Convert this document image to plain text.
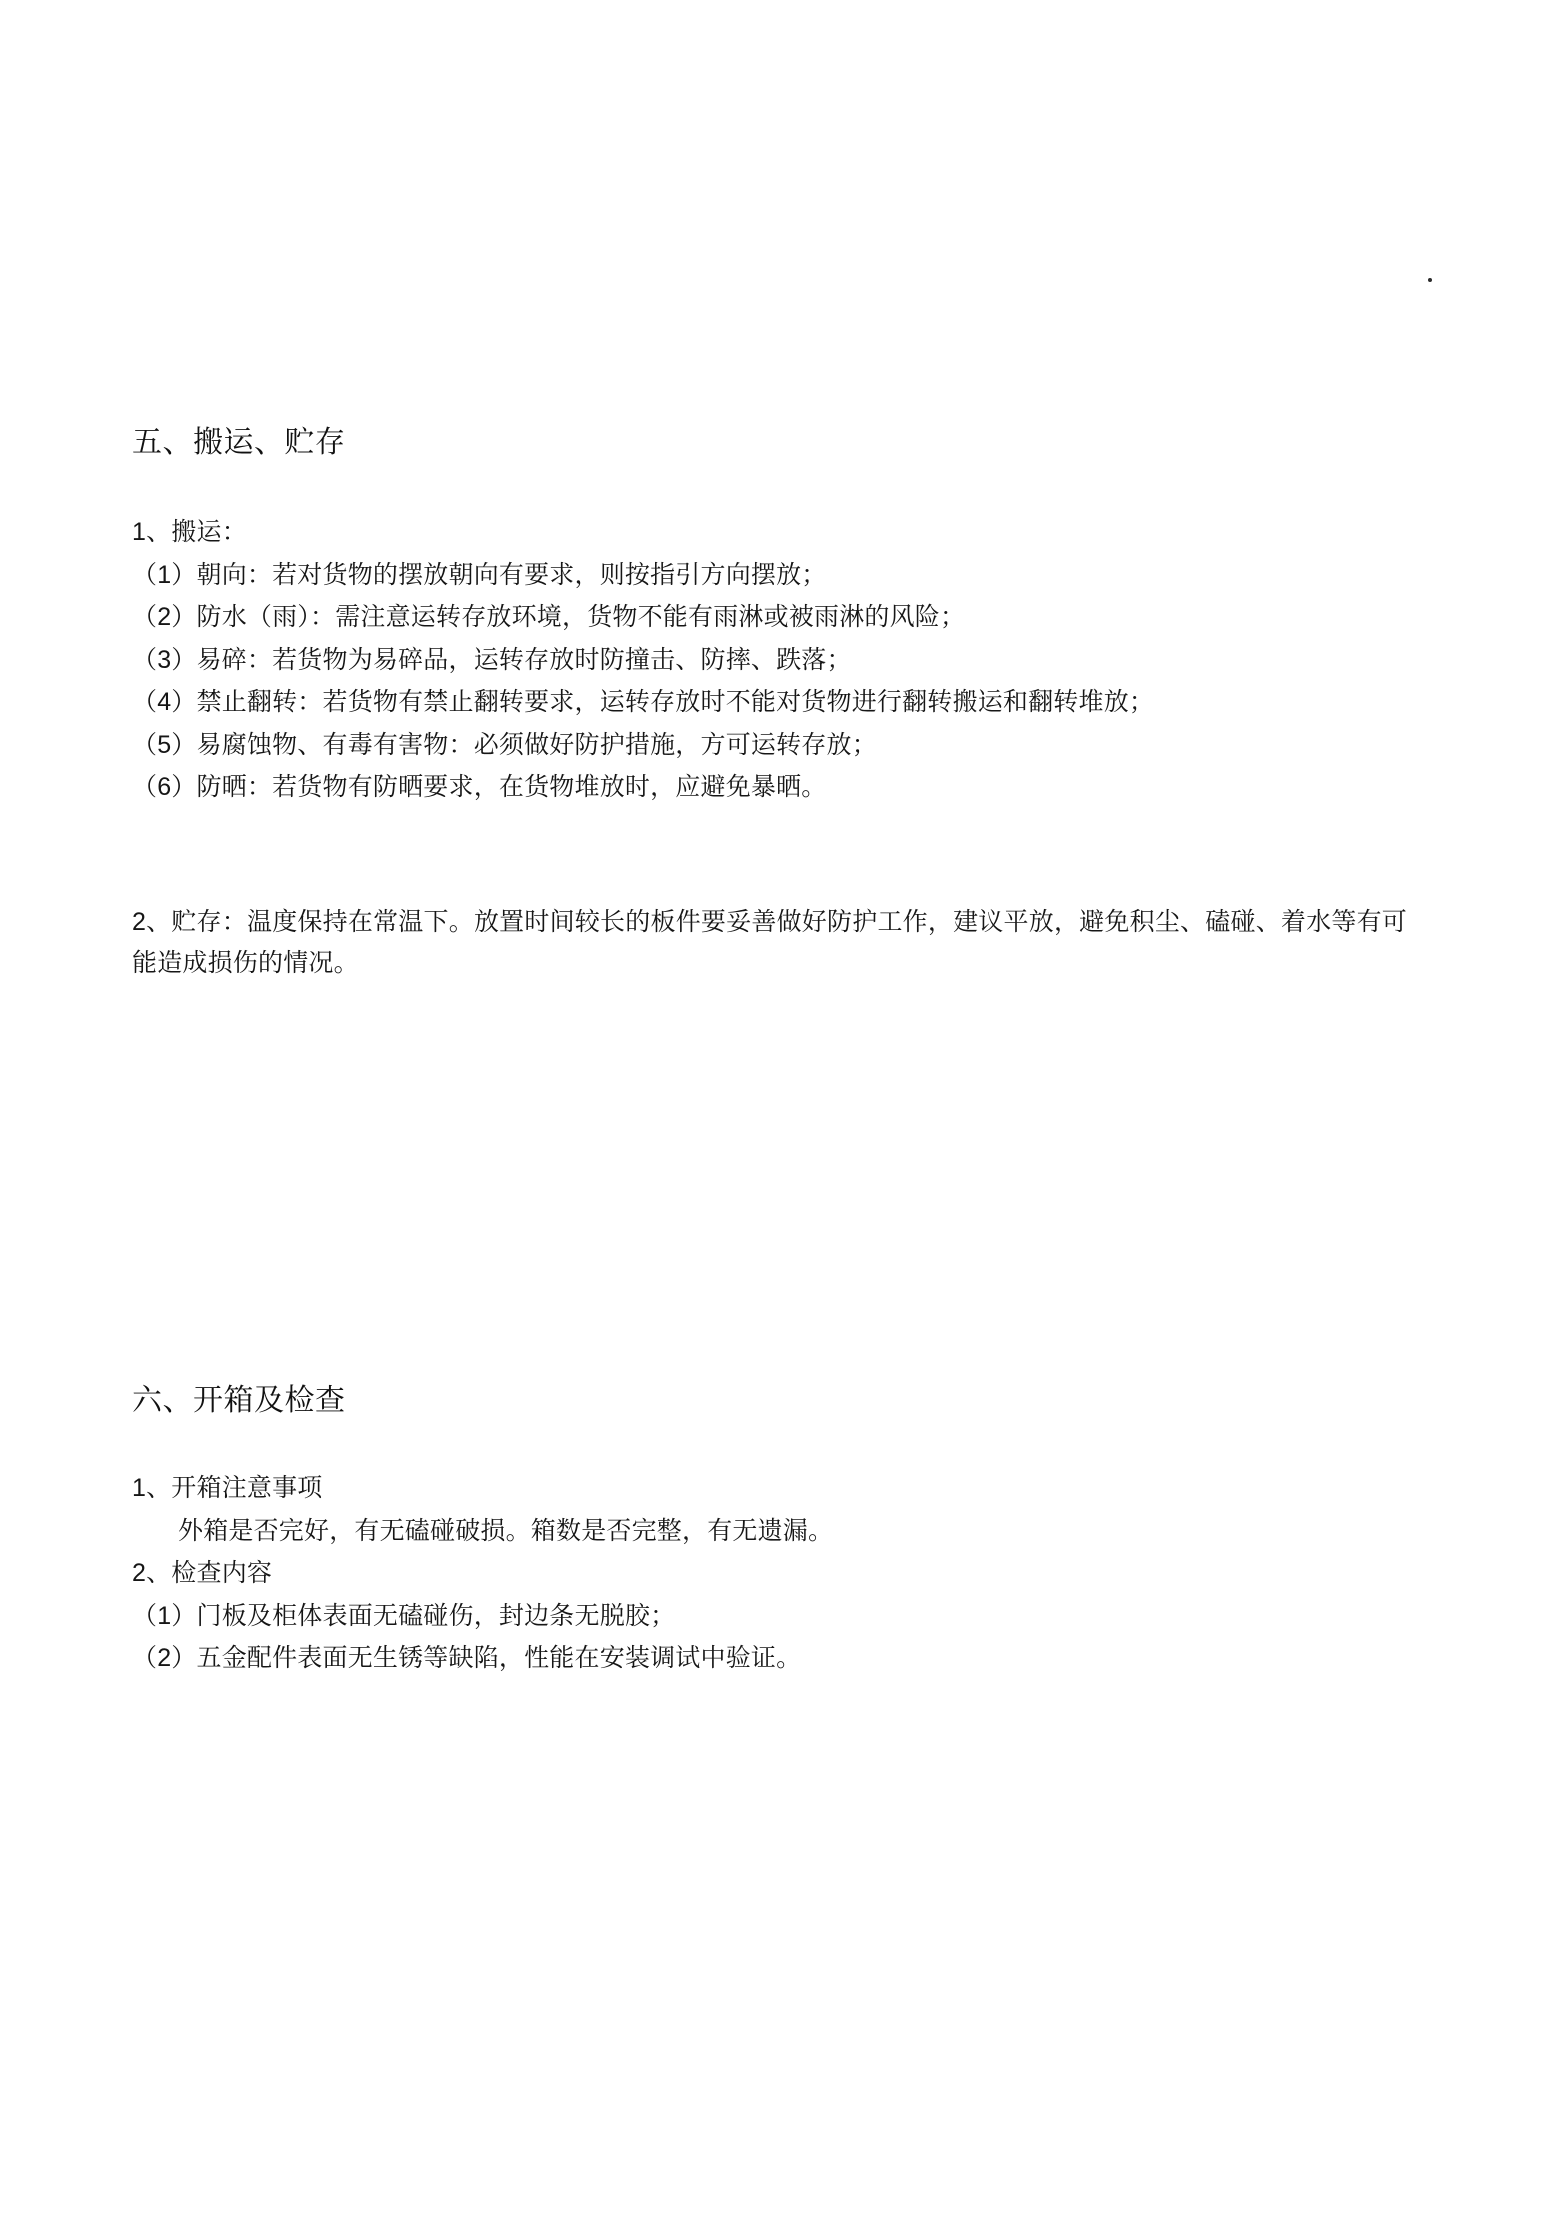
五、搬运、贮存

1、搬运：

（1）朝向：若对货物的摆放朝向有要求，则按指引方向摆放；

（2）防水（雨）：需注意运转存放环境，货物不能有雨淋或被雨淋的风险；

（3）易碎：若货物为易碎品，运转存放时防撞击、防摔、跌落；

（4）禁止翻转：若货物有禁止翻转要求，运转存放时不能对货物进行翻转搬运和翻转堆放；

（5）易腐蚀物、有毒有害物：必须做好防护措施，方可运转存放；

（6）防晒：若货物有防晒要求，在货物堆放时，应避免暴晒。

2、贮存：温度保持在常温下。放置时间较长的板件要妥善做好防护工作，建议平放，避免积尘、磕碰、着水等有可能造成损伤的情况。

六、开箱及检查

1、开箱注意事项

外箱是否完好，有无磕碰破损。箱数是否完整，有无遗漏。

2、检查内容

（1）门板及柜体表面无磕碰伤，封边条无脱胶；

（2）五金配件表面无生锈等缺陷，性能在安装调试中验证。
